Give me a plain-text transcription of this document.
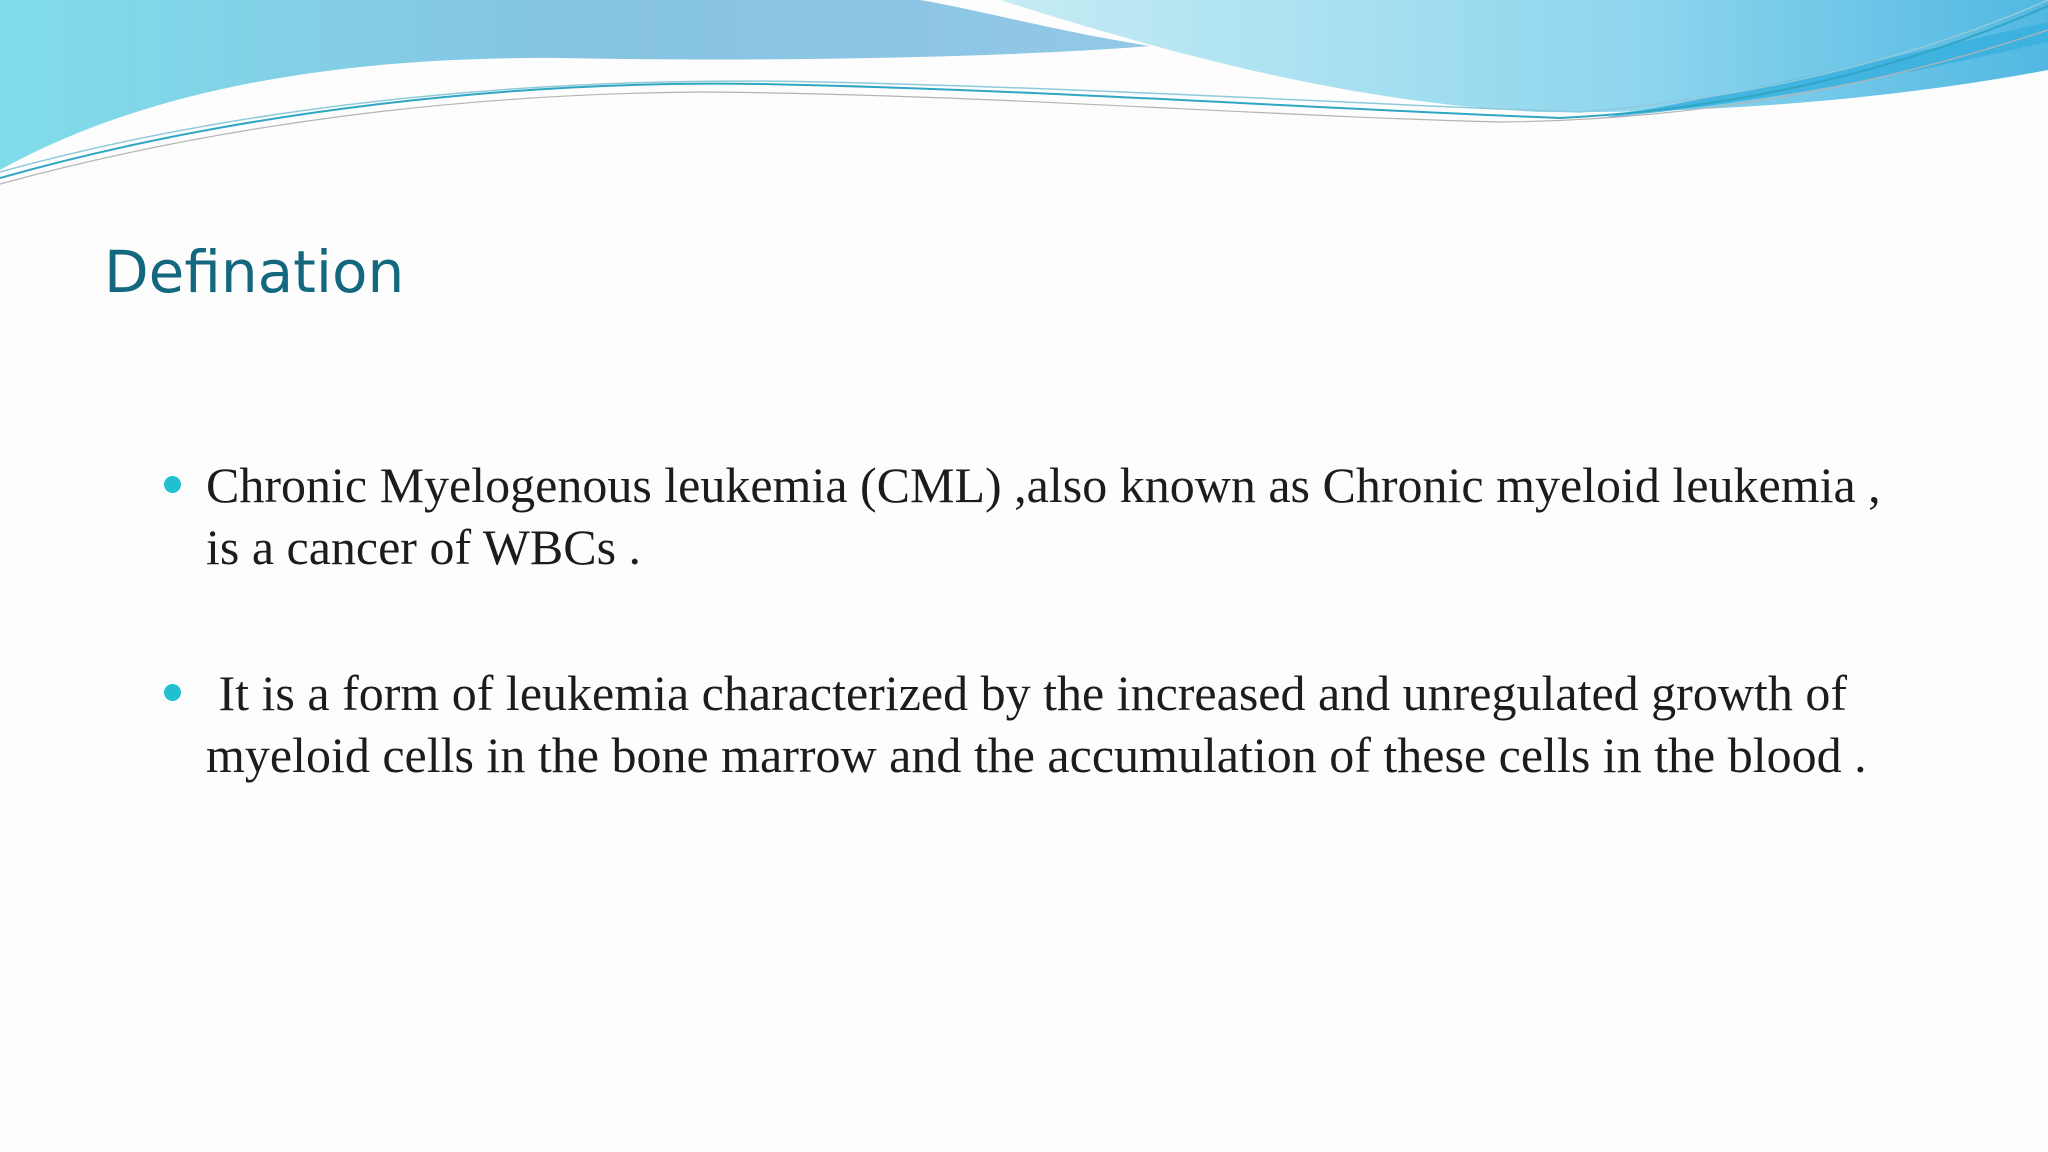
Defination
Chronic Myelogenous leukemia (CML) ,also known as Chronic myeloid leukemia , is a cancer of WBCs .
It is a form of leukemia characterized by the increased and unregulated growth of myeloid cells in the bone marrow and the accumulation of these cells in the blood .
